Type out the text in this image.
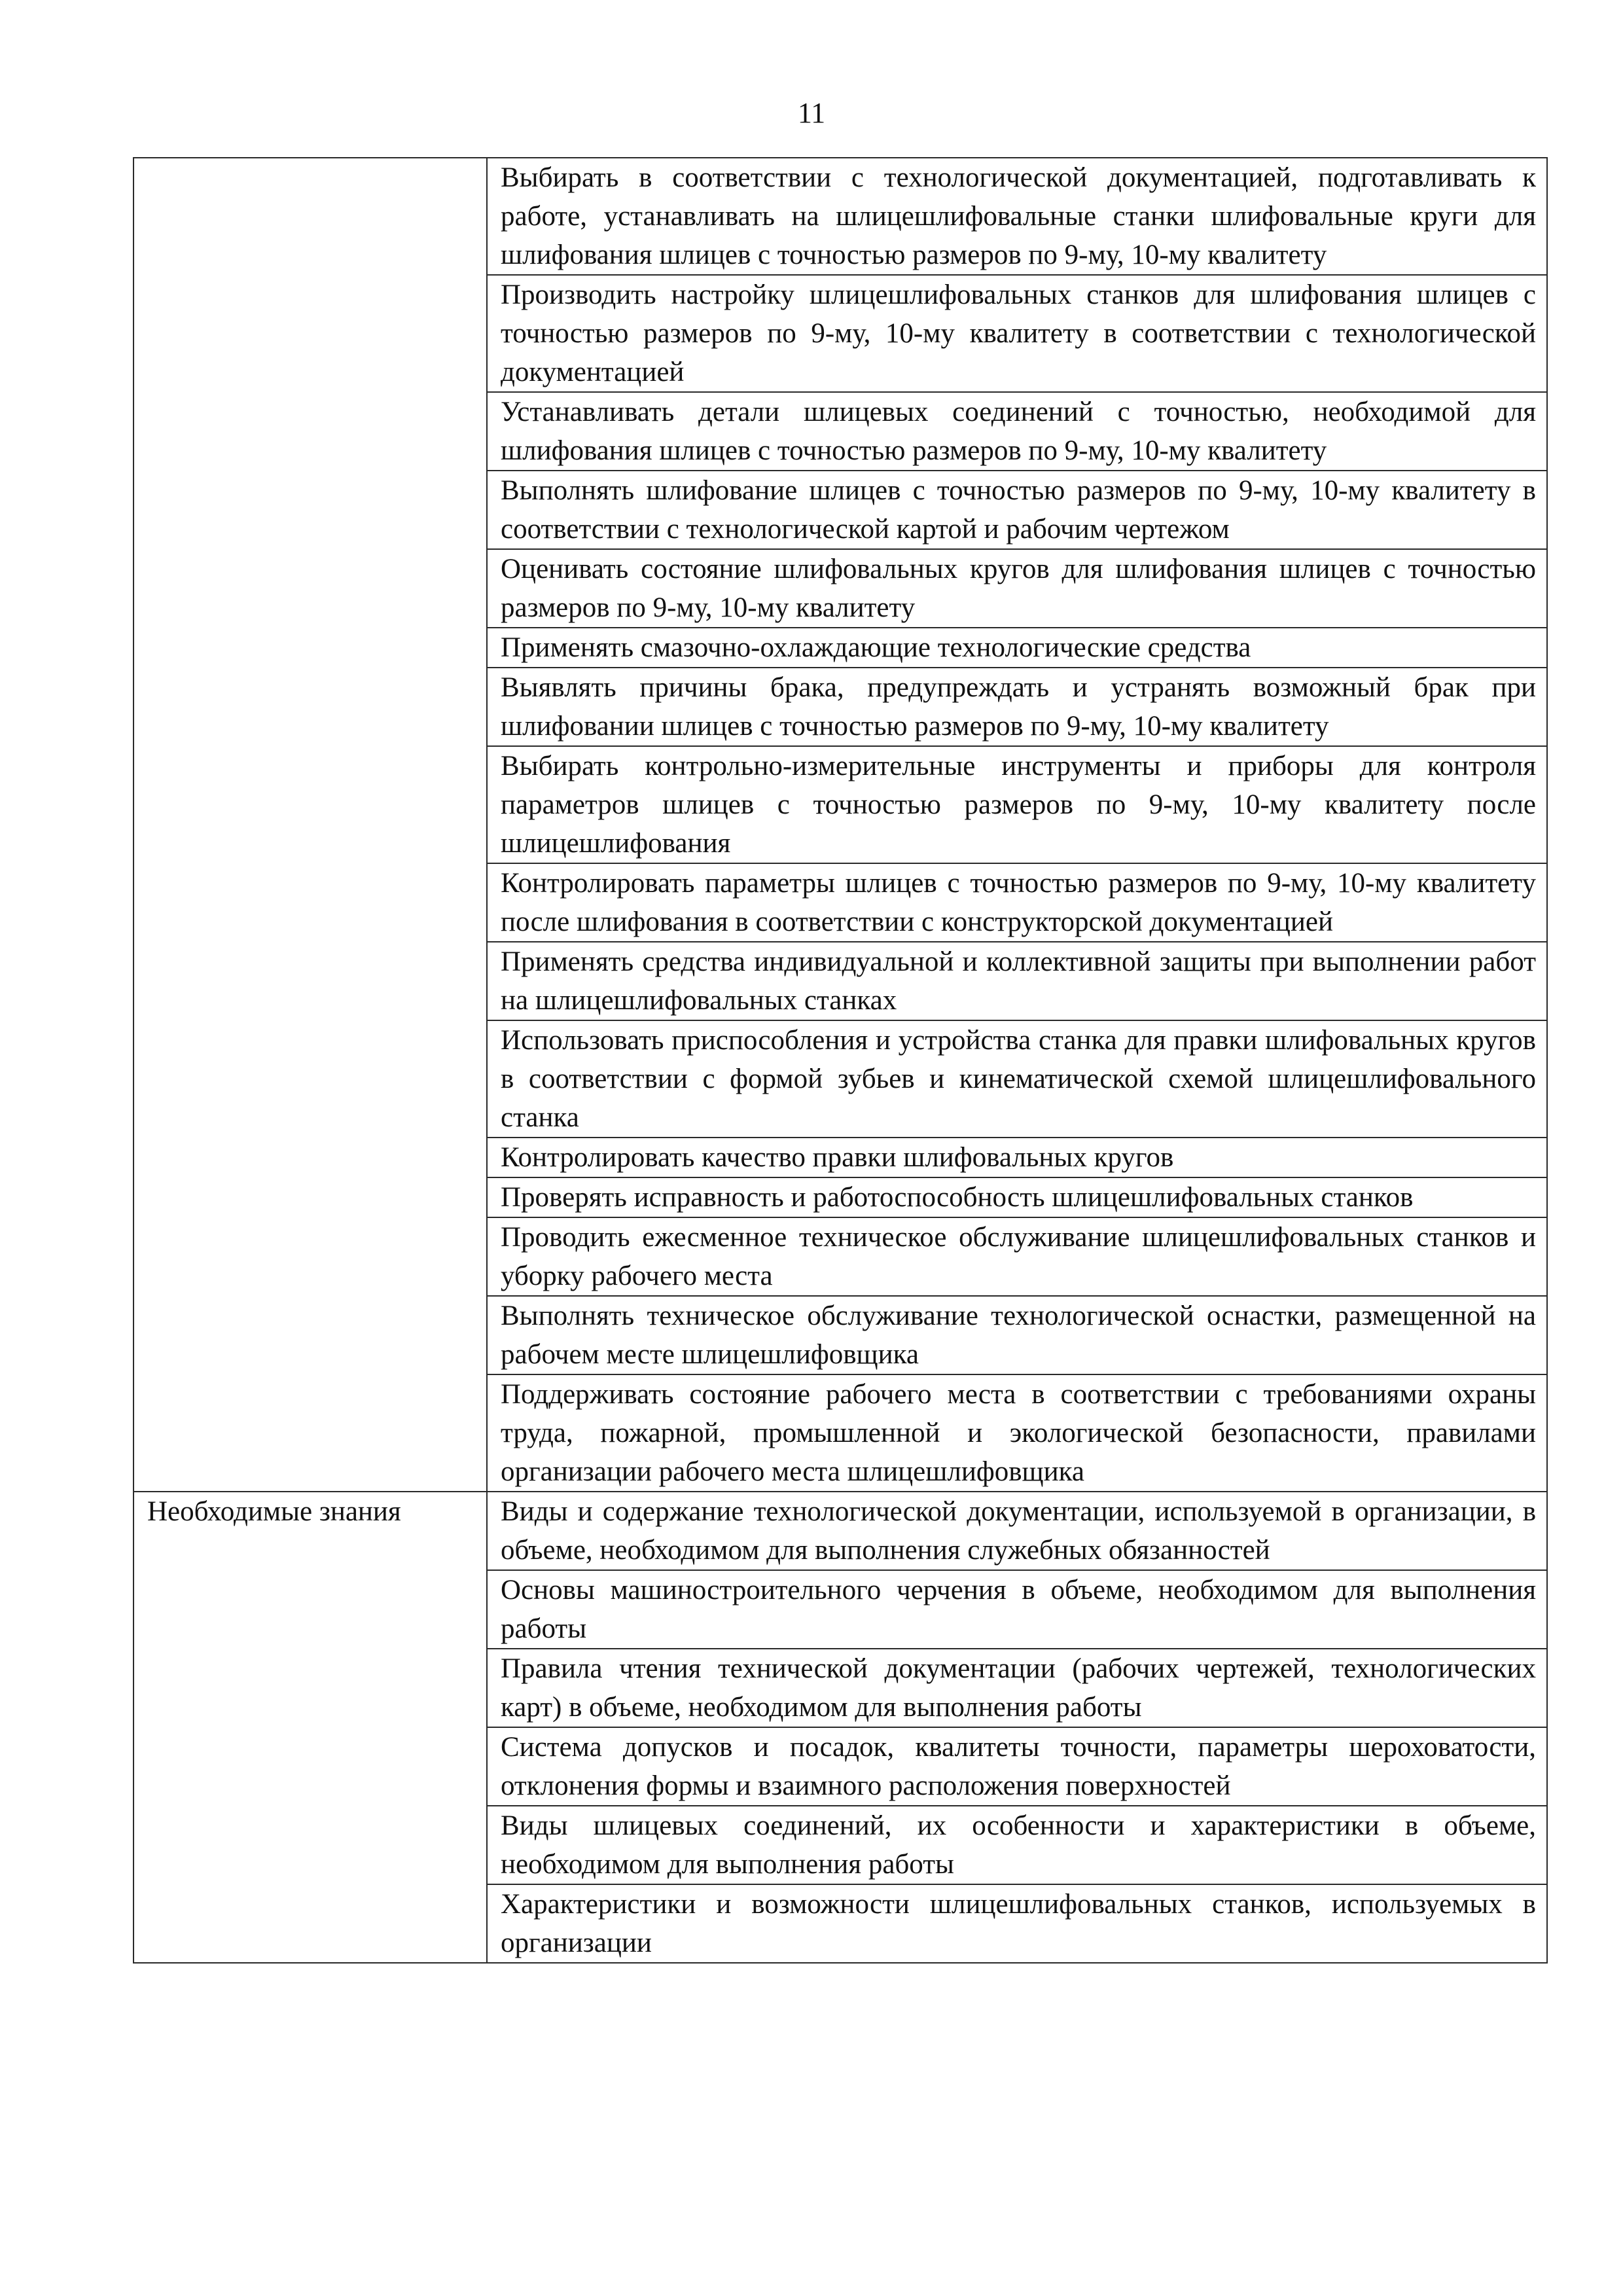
11
	Выбирать в соответствии с технологической документацией, подготавливать к работе, устанавливать на шлицешлифовальные станки шлифовальные круги для шлифования шлицев с точностью размеров по 9-му, 10-му квалитету
	Производить настройку шлицешлифовальных станков для шлифования шлицев с точностью размеров по 9-му, 10-му квалитету в соответствии с технологической документацией
	Устанавливать детали шлицевых соединений с точностью, необходимой для шлифования шлицев с точностью размеров по 9-му, 10-му квалитету
	Выполнять шлифование шлицев с точностью размеров по 9-му, 10-му квалитету в соответствии с технологической картой и рабочим чертежом
	Оценивать состояние шлифовальных кругов для шлифования шлицев с точностью размеров по 9-му, 10-му квалитету
	Применять смазочно-охлаждающие технологические средства
	Выявлять причины брака, предупреждать и устранять возможный брак при шлифовании шлицев с точностью размеров по 9-му, 10-му квалитету
	Выбирать контрольно-измерительные инструменты и приборы для контроля параметров шлицев с точностью размеров по 9-му, 10-му квалитету после шлицешлифования
	Контролировать параметры шлицев с точностью размеров по 9-му, 10-му квалитету после шлифования в соответствии с конструкторской документацией
	Применять средства индивидуальной и коллективной защиты при выполнении работ на шлицешлифовальных станках
	Использовать приспособления и устройства станка для правки шлифовальных кругов в соответствии с формой зубьев и кинематической схемой шлицешлифовального станка
	Контролировать качество правки шлифовальных кругов
	Проверять исправность и работоспособность шлицешлифовальных станков
	Проводить ежесменное техническое обслуживание шлицешлифовальных станков и уборку рабочего места
	Выполнять техническое обслуживание технологической оснастки, размещенной на рабочем месте шлицешлифовщика
	Поддерживать состояние рабочего места в соответствии с требованиями охраны труда, пожарной, промышленной и экологической безопасности, правилами организации рабочего места шлицешлифовщика

Необходимые знания	Виды и содержание технологической документации, используемой в организации, в объеме, необходимом для выполнения служебных обязанностей
	Основы машиностроительного черчения в объеме, необходимом для выполнения работы
	Правила чтения технической документации (рабочих чертежей, технологических карт) в объеме, необходимом для выполнения работы
	Система допусков и посадок, квалитеты точности, параметры шероховатости, отклонения формы и взаимного расположения поверхностей
	Виды шлицевых соединений, их особенности и характеристики в объеме, необходимом для выполнения работы
	Характеристики и возможности шлицешлифовальных станков, используемых в организации
